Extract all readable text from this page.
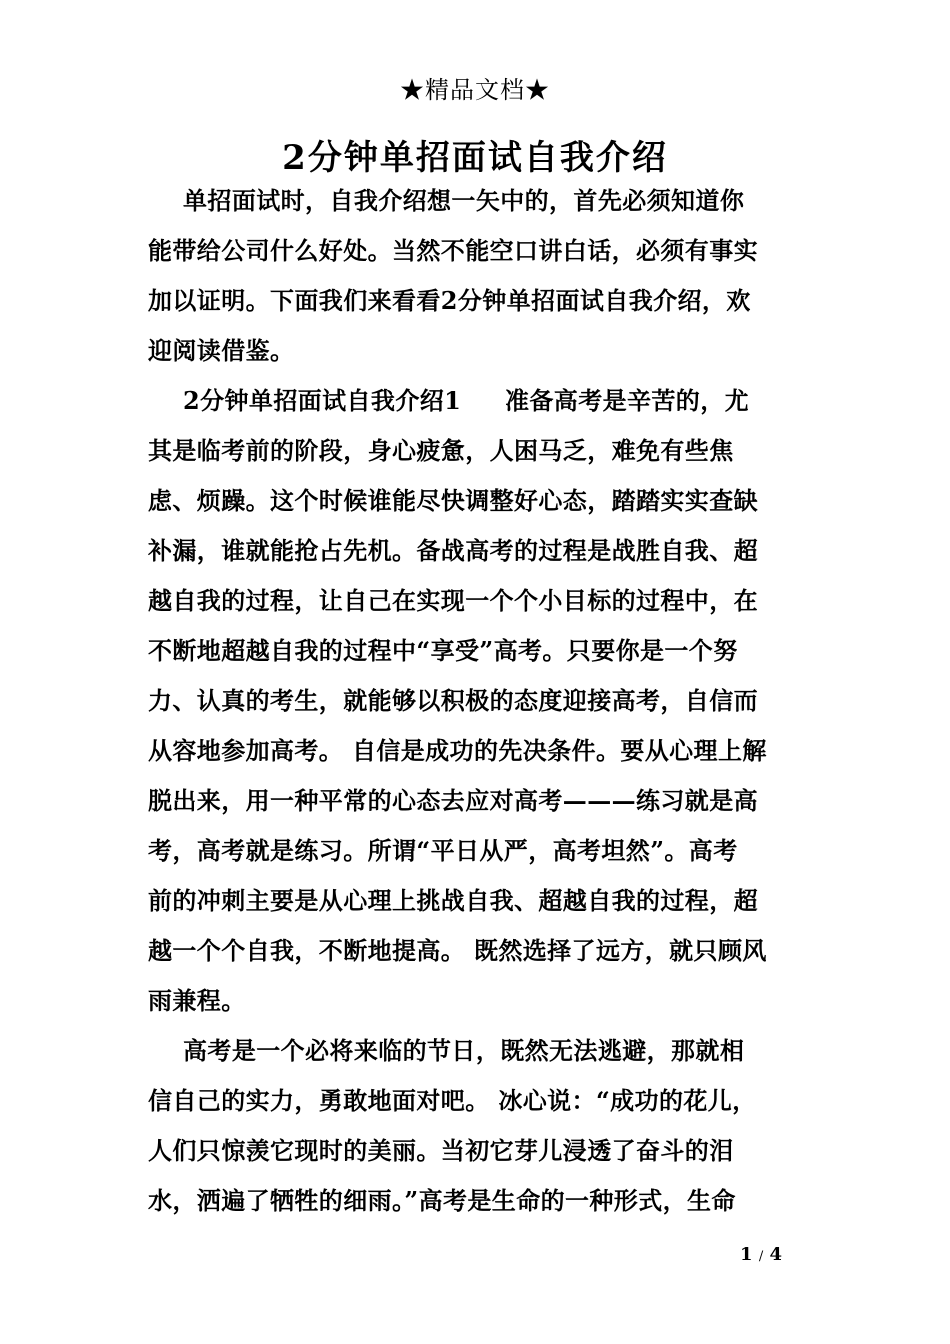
★精品文档★
2分钟单招面试自我介绍
单招面试时，自我介绍想一矢中的，首先必须知道你
能带给公司什么好处。当然不能空口讲白话，必须有事实
加以证明。下面我们来看看2分钟单招面试自我介绍，欢
迎阅读借鉴。
2分钟单招面试自我介绍1     准备高考是辛苦的，尤
其是临考前的阶段，身心疲惫，人困马乏，难免有些焦
虑、烦躁。这个时候谁能尽快调整好心态，踏踏实实查缺
补漏，谁就能抢占先机。备战高考的过程是战胜自我、超
越自我的过程，让自己在实现一个个小目标的过程中，在
不断地超越自我的过程中“享受”高考。只要你是一个努
力、认真的考生，就能够以积极的态度迎接高考，自信而
从容地参加高考。 自信是成功的先决条件。要从心理上解
脱出来，用一种平常的心态去应对高考———练习就是高
考，高考就是练习。所谓“平日从严，高考坦然”。高考
前的冲刺主要是从心理上挑战自我、超越自我的过程，超
越一个个自我，不断地提高。 既然选择了远方，就只顾风
雨兼程。
高考是一个必将来临的节日，既然无法逃避，那就相
信自己的实力，勇敢地面对吧。 冰心说：“成功的花儿，
人们只惊羡它现时的美丽。当初它芽儿浸透了奋斗的泪
水，洒遍了牺牲的细雨。”高考是生命的一种形式，生命
1 / 4
